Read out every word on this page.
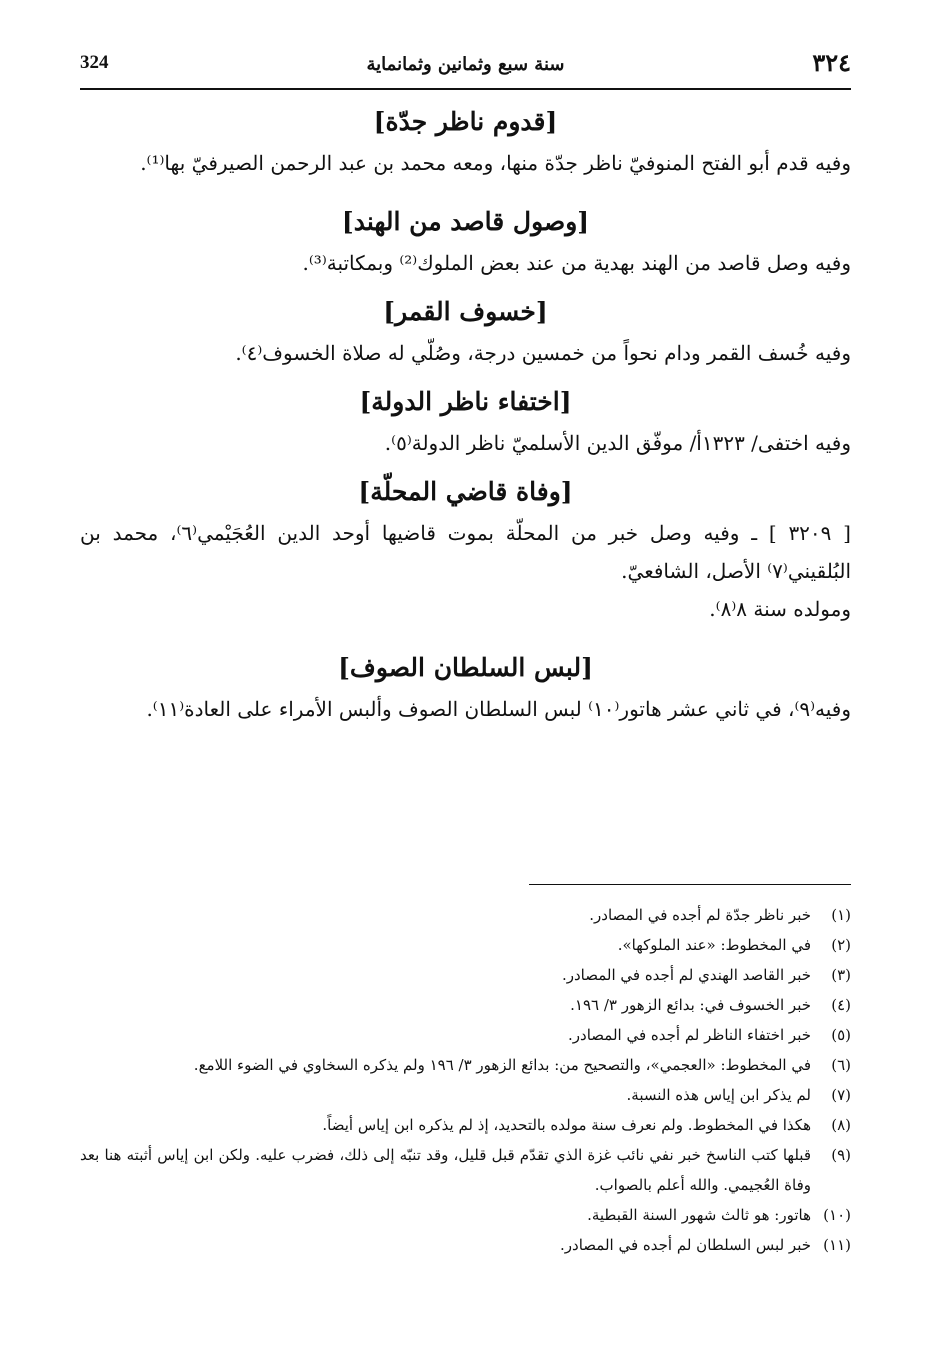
324	سنة سبع وثمانين وثمانماية	٣٢٤

[قدوم ناظر جدّة]

وفيه قدم أبو الفتح المنوفيّ ناظر جدّة منها، ومعه محمد بن عبد الرحمن الصيرفيّ بها⁽¹⁾.

[وصول قاصد من الهند]

وفيه وصل قاصد من الهند بهدية من عند بعض الملوك⁽²⁾ وبمكاتبة⁽³⁾.

[خسوف القمر]

وفيه خُسف القمر ودام نحواً من خمسين درجة، وصُلّي له صلاة الخسوف⁽٤⁾.

[اختفاء ناظر الدولة]

وفيه اختفى/ ١٣٢٣أ/ موفّق الدين الأسلميّ ناظر الدولة⁽٥⁾.

[وفاة قاضي المحلّة]

[ ٣٢٠٩ ] ـ وفيه وصل خبر من المحلّة بموت قاضيها أوحد الدين العُجَيْمي⁽٦⁾، محمد بن البُلقيني⁽٧⁾ الأصل، الشافعيّ.

ومولده سنة ٨⁽٨⁾.

[لبس السلطان الصوف]

وفيه⁽٩⁾، في ثاني عشر هاتور⁽١٠⁾ لبس السلطان الصوف وألبس الأمراء على العادة⁽١١⁾.

(١)
خبر ناظر جدّة لم أجده في المصادر.
(٢)
في المخطوط: «عند الملوكها».
(٣)
خبر القاصد الهندي لم أجده في المصادر.
(٤)
خبر الخسوف في: بدائع الزهور ٣/ ١٩٦.
(٥)
خبر اختفاء الناظر لم أجده في المصادر.
(٦)
في المخطوط: «العجمي»، والتصحيح من: بدائع الزهور ٣/ ١٩٦ ولم يذكره السخاوي في الضوء اللامع.
(٧)
لم يذكر ابن إياس هذه النسبة.
(٨)
هكذا في المخطوط. ولم نعرف سنة مولده بالتحديد، إذ لم يذكره ابن إياس أيضاً.
(٩)
قبلها كتب الناسخ خبر نفي نائب غزة الذي تقدّم قبل قليل، وقد تنبّه إلى ذلك، فضرب عليه. ولكن ابن إياس أثبته هنا بعد وفاة العُجيمي. والله أعلم بالصواب.
(١٠)
هاتور: هو ثالث شهور السنة القبطية.
(١١)
خبر لبس السلطان لم أجده في المصادر.
